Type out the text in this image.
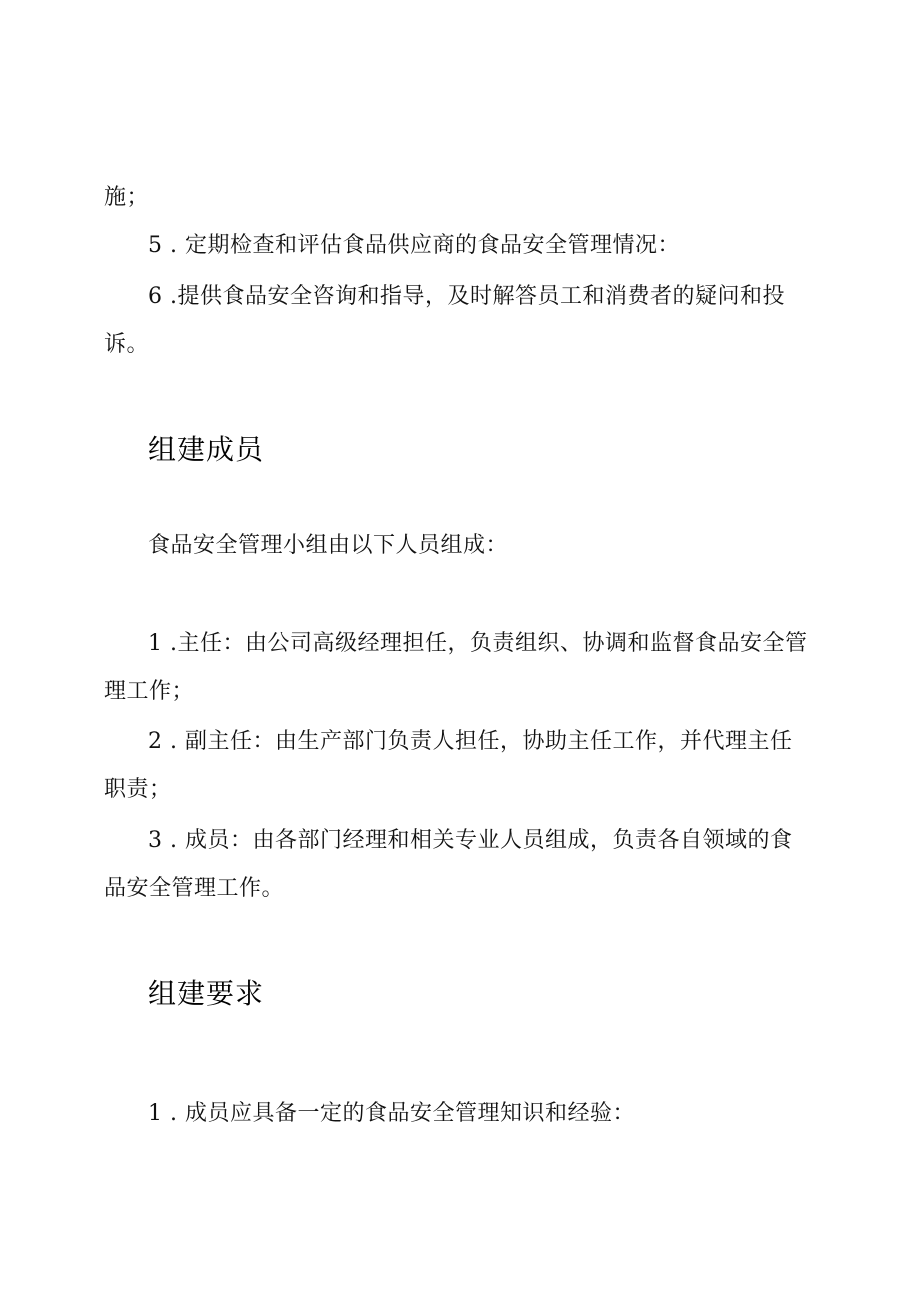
施；
5 . 定期检查和评估食品供应商的食品安全管理情况：
6 .提供食品安全咨询和指导，及时解答员工和消费者的疑问和投
诉。
组建成员
食品安全管理小组由以下人员组成：
1 .主任：由公司高级经理担任，负责组织、协调和监督食品安全管
理工作；
2 . 副主任：由生产部门负责人担任，协助主任工作，并代理主任
职责；
3 . 成员：由各部门经理和相关专业人员组成，负责各自领域的食
品安全管理工作。
组建要求
1 . 成员应具备一定的食品安全管理知识和经验：
